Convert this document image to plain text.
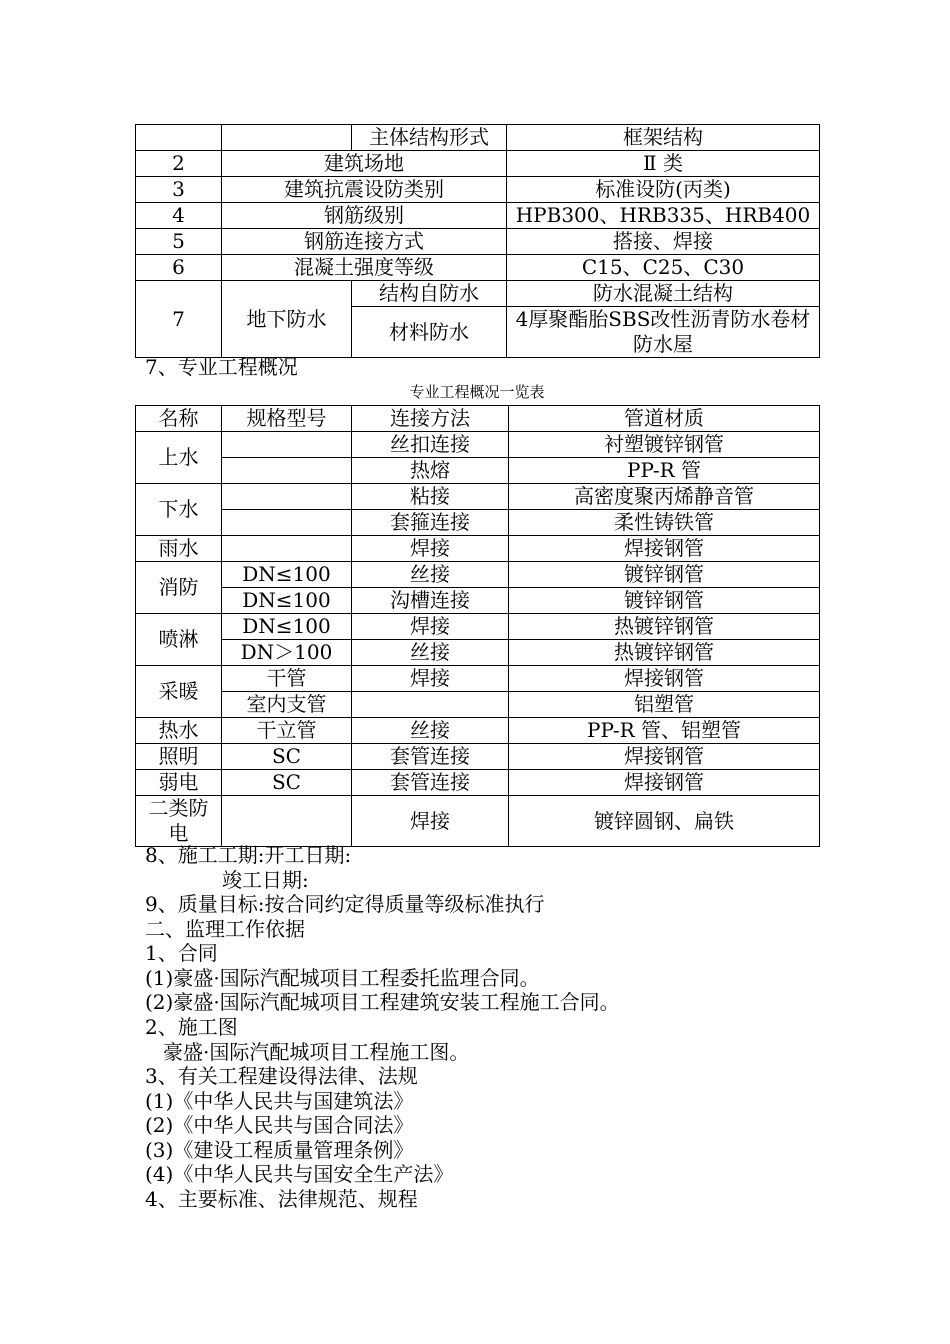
		主体结构形式	框架结构
2	建筑场地		Ⅱ 类
3	建筑抗震设防类别		标准设防(丙类)
4	钢筋级别		HPB300、HRB335、HRB400
5	钢筋连接方式		搭接、焊接
6	混凝土强度等级		C15、C25、C30
7	地下防水	结构自防水	防水混凝土结构
		材料防水	4厚聚酯胎SBS改性沥青防水卷材防水屋
7、专业工程概况
专业工程概况一览表
名称	规格型号	连接方法	管道材质
上水		丝扣连接	衬塑镀锌钢管
		热熔	PP-R 管
下水		粘接	高密度聚丙烯静音管
		套箍连接	柔性铸铁管
雨水		焊接	焊接钢管
消防	DN≤100	丝接	镀锌钢管
	DN≤100	沟槽连接	镀锌钢管
喷淋	DN≤100	焊接	热镀锌钢管
	DN＞100	丝接	热镀锌钢管
采暖	干管	焊接	焊接钢管
	室内支管		铝塑管
热水	干立管	丝接	PP-R 管、铝塑管
照明	SC	套管连接	焊接钢管
弱电	SC	套管连接	焊接钢管
二类防电		焊接	镀锌圆钢、扁铁
8、施工工期:开工日期:
竣工日期:
9、质量目标:按合同约定得质量等级标准执行
二、监理工作依据
1、合同
(1)豪盛·国际汽配城项目工程委托监理合同。
(2)豪盛·国际汽配城项目工程建筑安装工程施工合同。
2、施工图
豪盛·国际汽配城项目工程施工图。
3、有关工程建设得法律、法规
(1)《中华人民共与国建筑法》
(2)《中华人民共与国合同法》
(3)《建设工程质量管理条例》
(4)《中华人民共与国安全生产法》
4、主要标准、法律规范、规程
